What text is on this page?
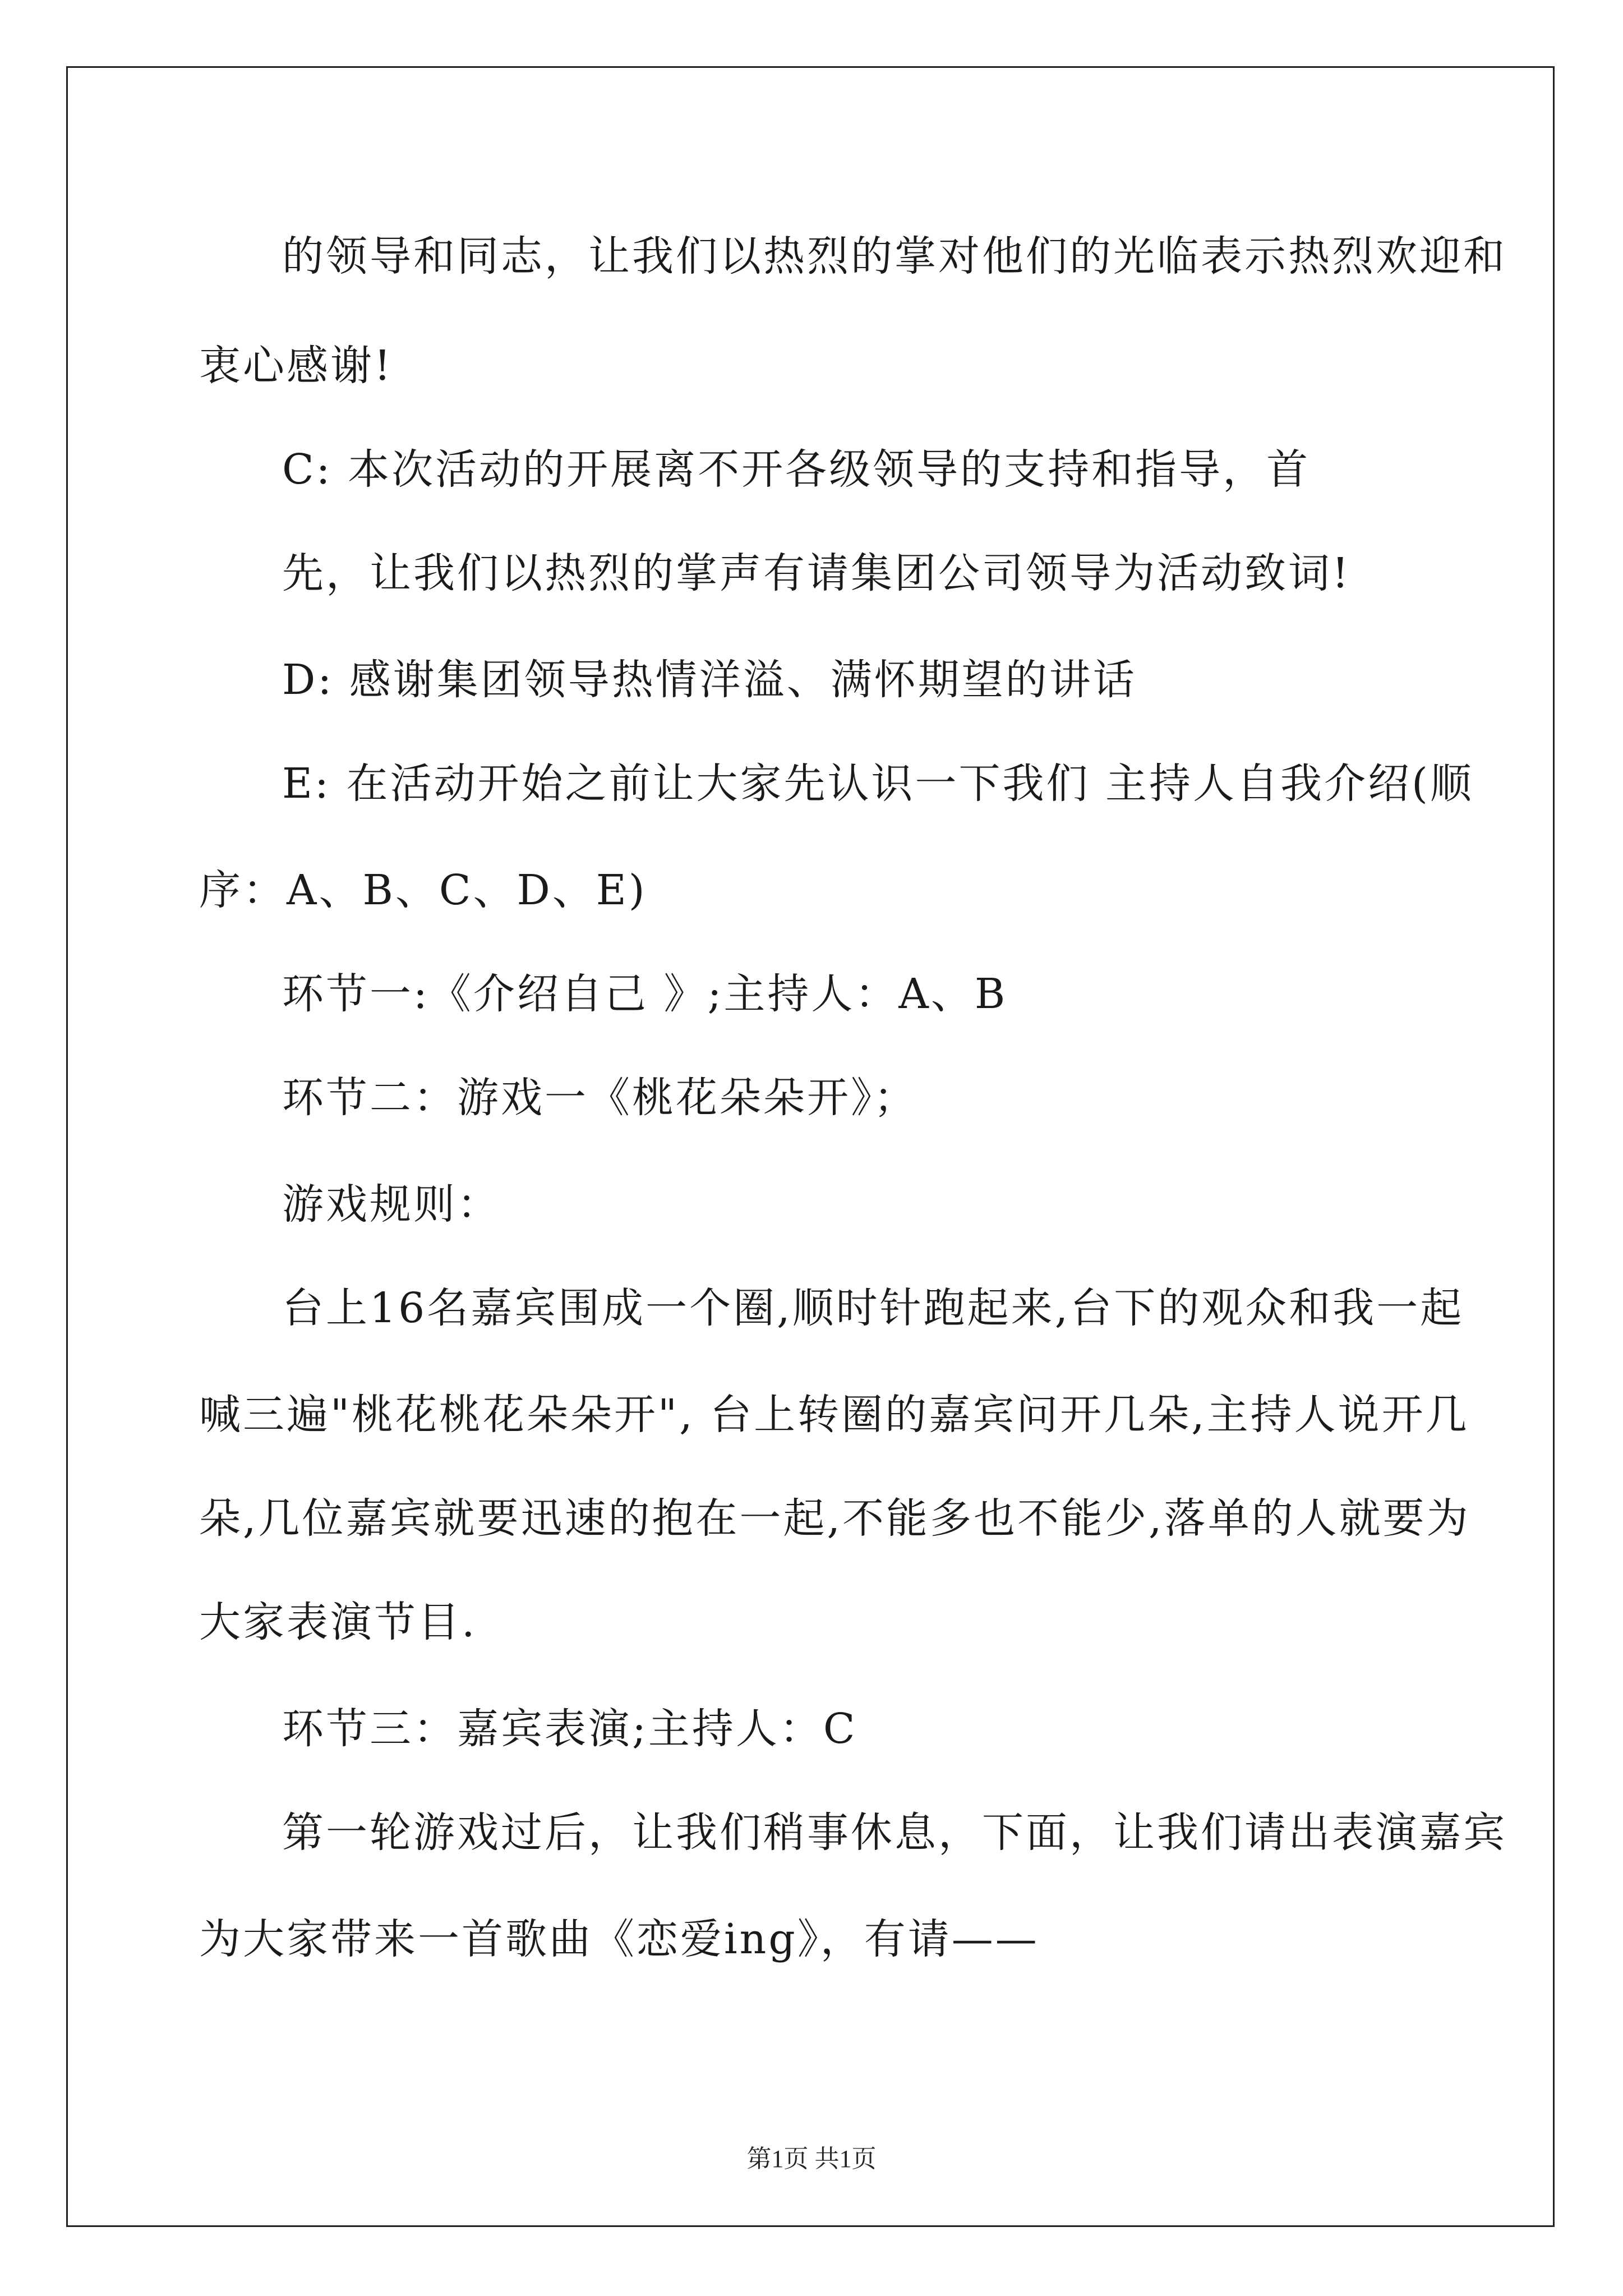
的领导和同志，让我们以热烈的掌对他们的光临表示热烈欢迎和
衷心感谢!
C: 本次活动的开展离不开各级领导的支持和指导，首
先，让我们以热烈的掌声有请集团公司领导为活动致词!
D: 感谢集团领导热情洋溢、满怀期望的讲话
E: 在活动开始之前让大家先认识一下我们 主持人自我介绍(顺
序：A、B、C、D、E)
环节一:《介绍自己 》;主持人：A、B
环节二：游戏一《桃花朵朵开》；
游戏规则：
台上16名嘉宾围成一个圈,顺时针跑起来,台下的观众和我一起
喊三遍"桃花桃花朵朵开", 台上转圈的嘉宾问开几朵,主持人说开几
朵,几位嘉宾就要迅速的抱在一起,不能多也不能少,落单的人就要为
大家表演节目.
环节三：嘉宾表演;主持人：C
第一轮游戏过后，让我们稍事休息，下面，让我们请出表演嘉宾
为大家带来一首歌曲《恋爱ing》，有请——
第1页 共1页
